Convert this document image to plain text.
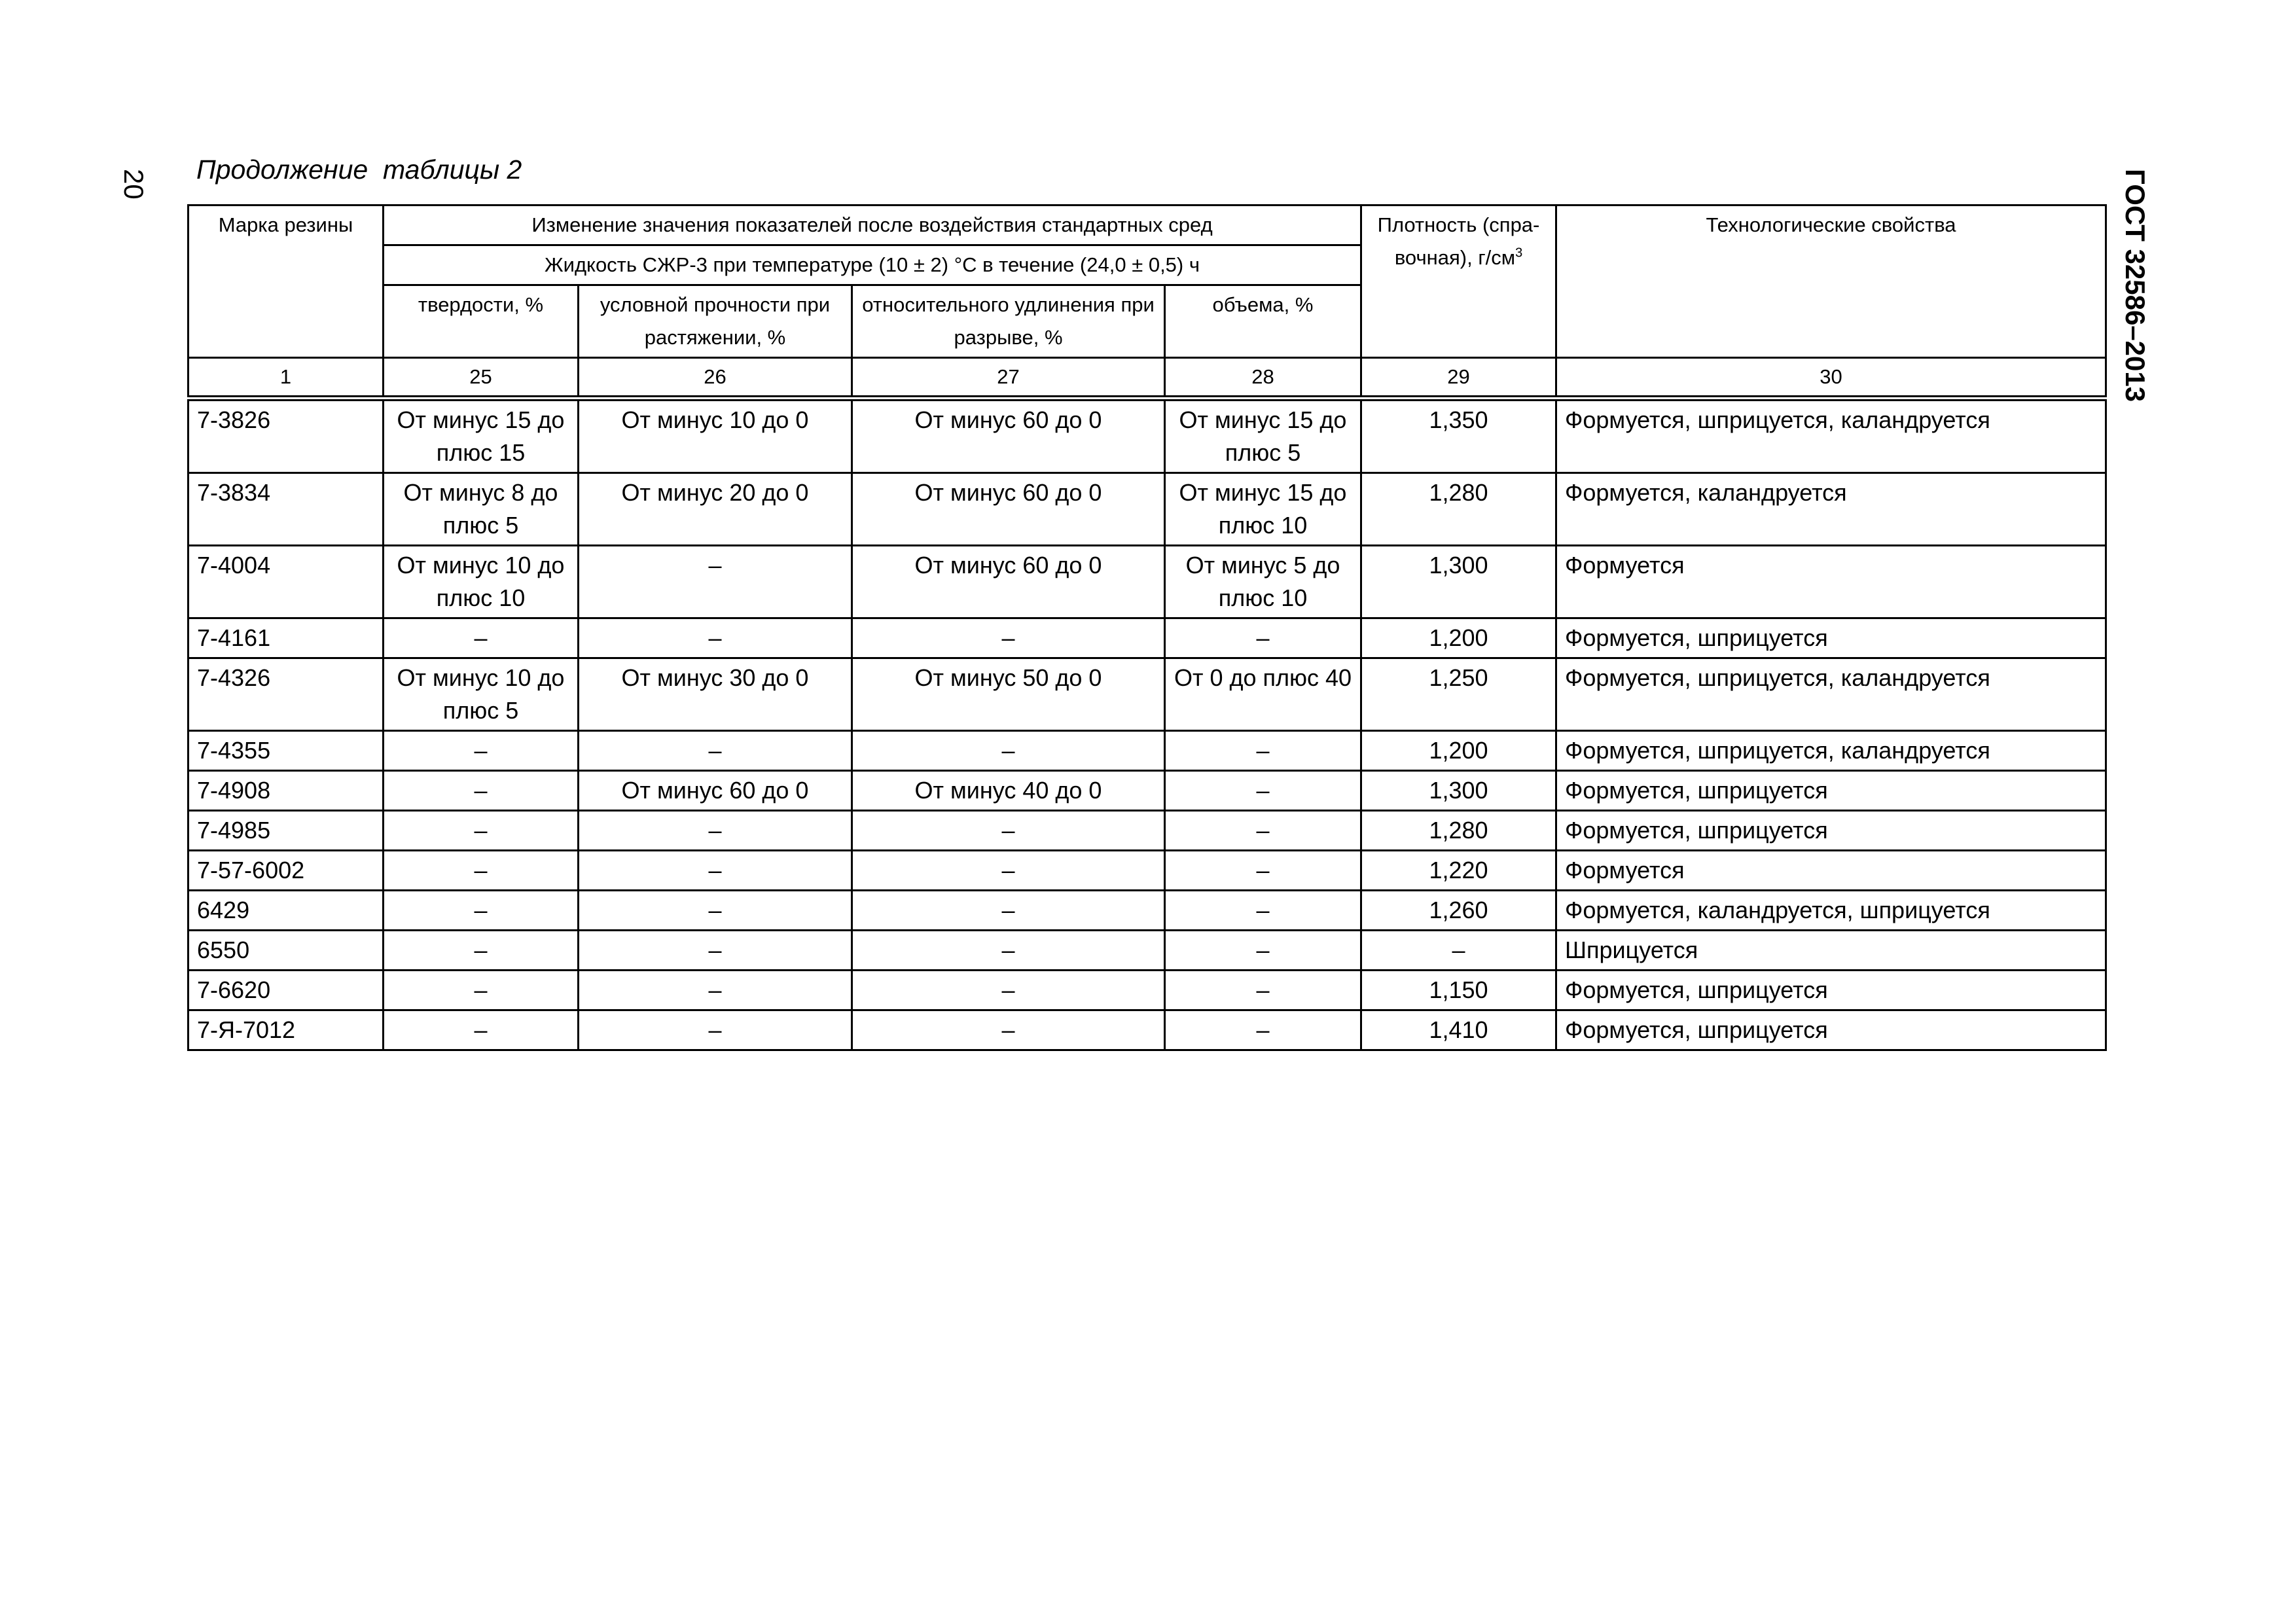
20	ГОСТ 32586–2013
Продолжение  таблицы 2
Марка резины	Изменение значения показателей после воздействия стандартных сред				Плотность (спра-вочная), $г/см^3$	Технологические свойства
	Жидкость СЖР-3 при температуре (10 ± 2) °С в течение (24,0 ± 0,5) ч					
	твердости, %	условной прочности при растяжении, %	относительного удлинения при разрыве, %	объема, %		
1	25	26	27	28	29	30
7-3826	От минус 15 до плюс 15	От минус 10 до 0	От минус 60 до 0	От минус 15 до плюс 5	1,350	Формуется, шприцуется, каландруется
7-3834	От минус 8 до плюс 5	От минус 20 до 0	От минус 60 до 0	От минус 15 до плюс 10	1,280	Формуется, каландруется
7-4004	От минус 10 до плюс 10	–	От минус 60 до 0	От минус 5 до плюс 10	1,300	Формуется
7-4161	–	–	–	–	1,200	Формуется, шприцуется
7-4326	От минус 10 до плюс 5	От минус 30 до 0	От минус 50 до 0	От 0 до плюс 40	1,250	Формуется, шприцуется, каландруется
7-4355	–	–	–	–	1,200	Формуется, шприцуется, каландруется
7-4908	–	От минус 60 до 0	От минус 40 до 0	–	1,300	Формуется, шприцуется
7-4985	–	–	–	–	1,280	Формуется, шприцуется
7-57-6002	–	–	–	–	1,220	Формуется
6429	–	–	–	–	1,260	Формуется, каландруется, шприцуется
6550	–	–	–	–	–	Шприцуется
7-6620	–	–	–	–	1,150	Формуется, шприцуется
7-Я-7012	–	–	–	–	1,410	Формуется, шприцуется
